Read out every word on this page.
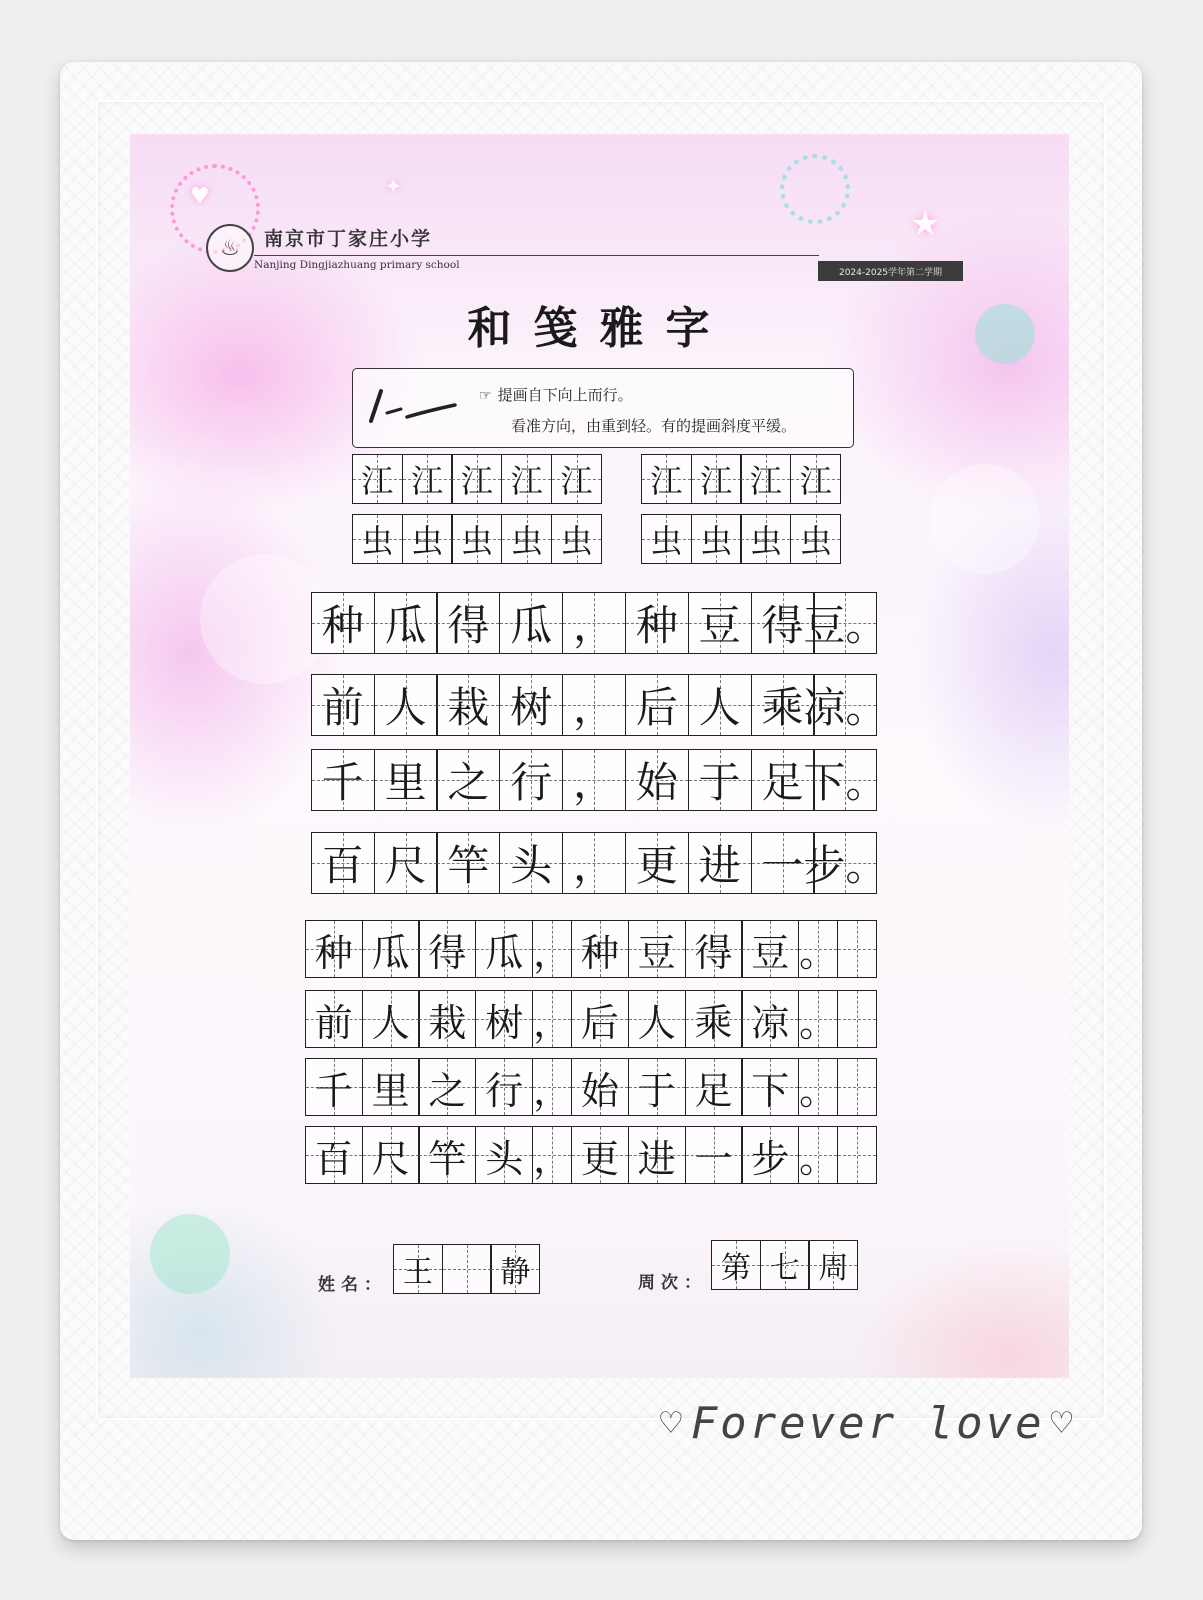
★
✦
♥
♨	南京市丁家庄小学
Nanjing Dingjiazhuang primary school
2024-2025学年第二学期
和笺雅字
☞ 提画自下向上而行。
看准方向，由重到轻。有的提画斜度平缓。
江 江 江 江 江 江 江 江 江
虫 虫 虫 虫 虫 虫 虫 虫 虫
种 瓜 得 瓜 ， 种 豆 得 豆。
前 人 栽 树 ， 后 人 乘 凉。
千 里 之 行 ， 始 于 足 下。
百 尺 竿 头 ， 更 进 一 步。
种 瓜 得 瓜 ， 种 豆 得 豆 。
前 人 栽 树 ， 后 人 乘 凉 。
千 里 之 行 ， 始 于 足 下 。
百 尺 竿 头 ， 更 进 一 步 。
姓名： 王 静	周次： 第 七 周
♡ Forever love ♡
